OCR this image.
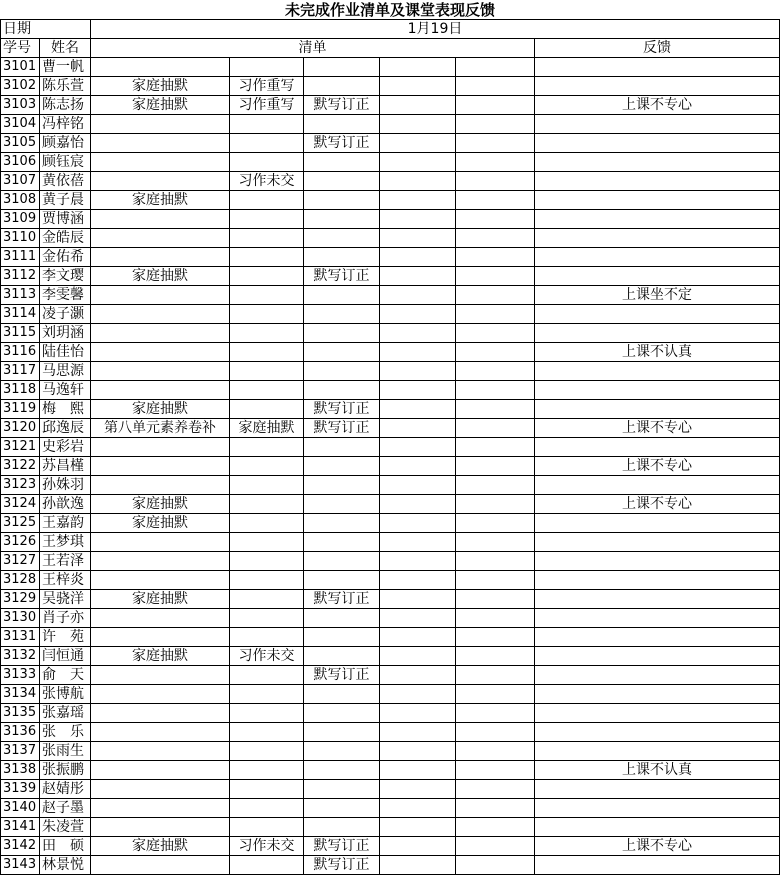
未完成作业清单及课堂表现反馈							
日期		1月19日					
学号	姓名	清单					反馈
3101	曹一帆						
3102	陈乐萱	家庭抽默	习作重写				
3103	陈志扬	家庭抽默	习作重写	默写订正			上课不专心
3104	冯梓铭						
3105	顾嘉怡			默写订正			
3106	顾钰宸						
3107	黄依蓓		习作未交				
3108	黄子晨	家庭抽默					
3109	贾博涵						
3110	金皓辰						
3111	金佑希						
3112	李文璎	家庭抽默		默写订正			
3113	李雯馨						上课坐不定
3114	凌子灏						
3115	刘玥涵						
3116	陆佳怡						上课不认真
3117	马思源						
3118	马逸轩						
3119	梅　熙	家庭抽默		默写订正			
3120	邱逸辰	第八单元素养卷补	家庭抽默	默写订正			上课不专心
3121	史彩岩						
3122	苏昌槿						上课不专心
3123	孙姝羽						
3124	孙歆逸	家庭抽默					上课不专心
3125	王嘉韵	家庭抽默					
3126	王梦琪						
3127	王若泽						
3128	王梓炎						
3129	吴骁洋	家庭抽默		默写订正			
3130	肖子亦						
3131	许　苑						
3132	闫恒通	家庭抽默	习作未交				
3133	俞　天			默写订正			
3134	张博航						
3135	张嘉瑶						
3136	张　乐						
3137	张雨生						
3138	张振鹏						上课不认真
3139	赵婧彤						
3140	赵子墨						
3141	朱凌萱						
3142	田　硕	家庭抽默	习作未交	默写订正			上课不专心
3143	林景悦			默写订正			
